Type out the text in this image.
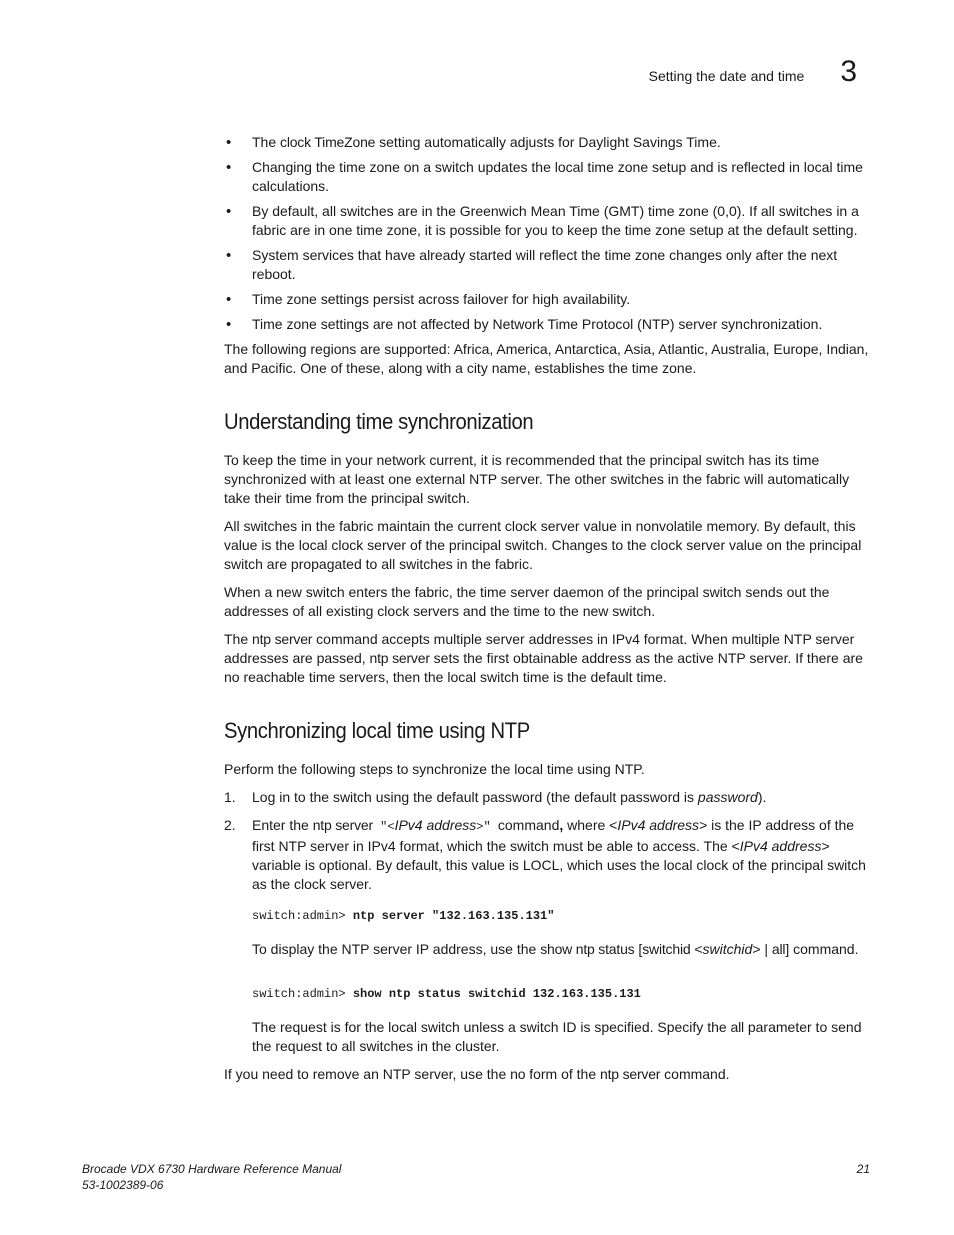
Setting the date and time 3
• The clock TimeZone setting automatically adjusts for Daylight Savings Time.
• Changing the time zone on a switch updates the local time zone setup and is reflected in local time calculations.
• By default, all switches are in the Greenwich Mean Time (GMT) time zone (0,0). If all switches in a fabric are in one time zone, it is possible for you to keep the time zone setup at the default setting.
• System services that have already started will reflect the time zone changes only after the next reboot.
• Time zone settings persist across failover for high availability.
• Time zone settings are not affected by Network Time Protocol (NTP) server synchronization.

The following regions are supported: Africa, America, Antarctica, Asia, Atlantic, Australia, Europe, Indian, and Pacific. One of these, along with a city name, establishes the time zone.

Understanding time synchronization

To keep the time in your network current, it is recommended that the principal switch has its time synchronized with at least one external NTP server. The other switches in the fabric will automatically take their time from the principal switch.

All switches in the fabric maintain the current clock server value in nonvolatile memory. By default, this value is the local clock server of the principal switch. Changes to the clock server value on the principal switch are propagated to all switches in the fabric.

When a new switch enters the fabric, the time server daemon of the principal switch sends out the addresses of all existing clock servers and the time to the new switch.

The ntp server command accepts multiple server addresses in IPv4 format. When multiple NTP server addresses are passed, ntp server sets the first obtainable address as the active NTP server. If there are no reachable time servers, then the local switch time is the default time.

Synchronizing local time using NTP

Perform the following steps to synchronize the local time using NTP.

1. Log in to the switch using the default password (the default password is password).
2. Enter the ntp server "<IPv4 address>" command, where <IPv4 address> is the IP address of the first NTP server in IPv4 format, which the switch must be able to access. The <IPv4 address> variable is optional. By default, this value is LOCL, which uses the local clock of the principal switch as the clock server.
switch:admin> ntp server "132.163.135.131"
To display the NTP server IP address, use the show ntp status [switchid <switchid> | all] command.
switch:admin> show ntp status switchid 132.163.135.131
The request is for the local switch unless a switch ID is specified. Specify the all parameter to send the request to all switches in the cluster.

If you need to remove an NTP server, use the no form of the ntp server command.

Brocade VDX 6730 Hardware Reference Manual
53-1002389-06
21
